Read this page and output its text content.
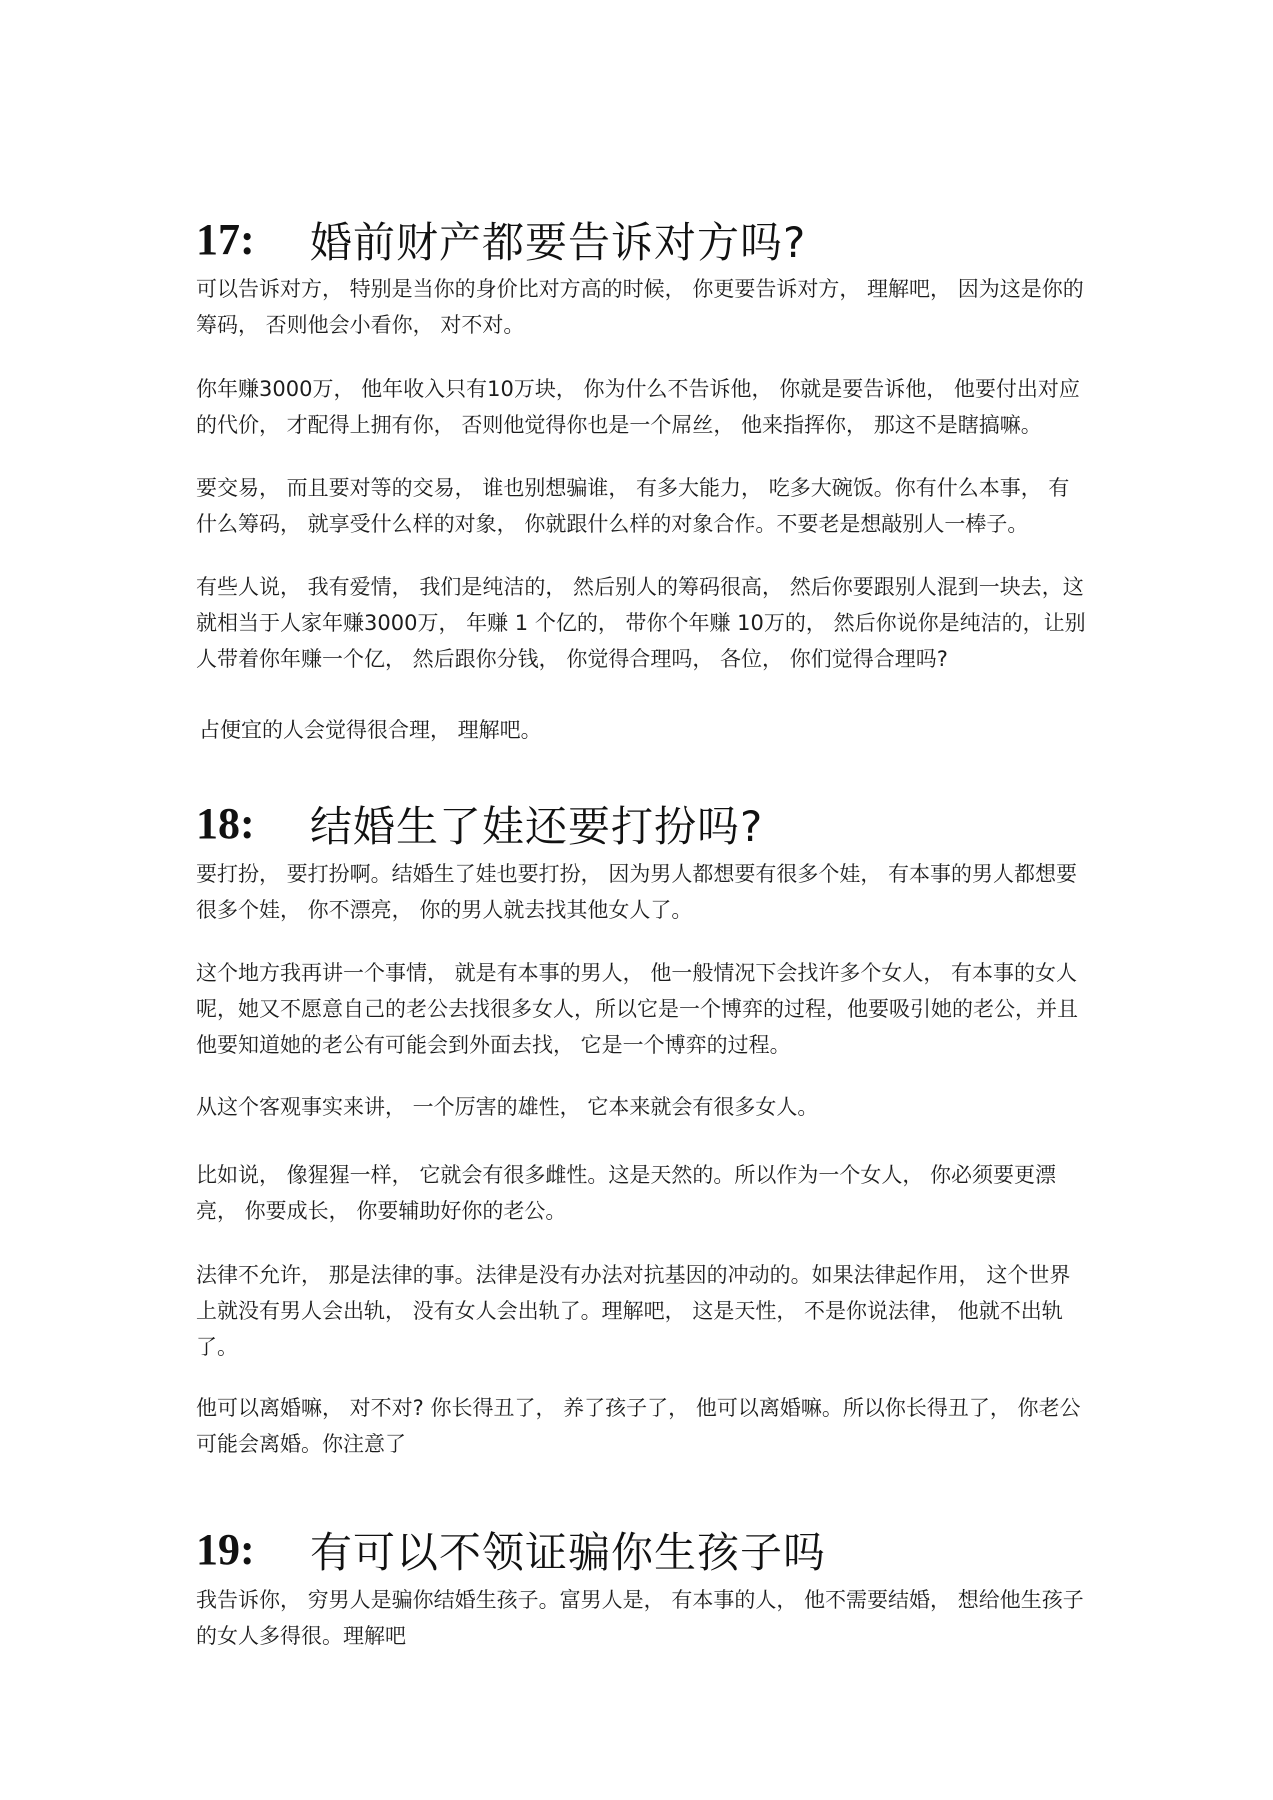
17: 婚前财产都要告诉对方吗?

可以告诉对方， 特别是当你的身价比对方高的时候， 你更要告诉对方， 理解吧， 因为这是你的筹码， 否则他会小看你， 对不对。

你年赚3000万， 他年收入只有10万块， 你为什么不告诉他， 你就是要告诉他， 他要付出对应的代价， 才配得上拥有你， 否则他觉得你也是一个屌丝， 他来指挥你， 那这不是瞎搞嘛。

要交易， 而且要对等的交易， 谁也别想骗谁， 有多大能力， 吃多大碗饭。你有什么本事， 有什么筹码， 就享受什么样的对象， 你就跟什么样的对象合作。不要老是想敲别人一棒子。

有些人说， 我有爱情， 我们是纯洁的， 然后别人的筹码很高， 然后你要跟别人混到一块去，这就相当于人家年赚3000万， 年赚 1 个亿的， 带你个年赚 10万的， 然后你说你是纯洁的，让别人带着你年赚一个亿， 然后跟你分钱， 你觉得合理吗， 各位， 你们觉得合理吗?

占便宜的人会觉得很合理， 理解吧。

18: 结婚生了娃还要打扮吗?

要打扮， 要打扮啊。结婚生了娃也要打扮， 因为男人都想要有很多个娃， 有本事的男人都想要很多个娃， 你不漂亮， 你的男人就去找其他女人了。

这个地方我再讲一个事情， 就是有本事的男人， 他一般情况下会找许多个女人， 有本事的女人呢，她又不愿意自己的老公去找很多女人，所以它是一个博弈的过程，他要吸引她的老公，并且他要知道她的老公有可能会到外面去找， 它是一个博弈的过程。

从这个客观事实来讲， 一个厉害的雄性， 它本来就会有很多女人。

比如说， 像猩猩一样， 它就会有很多雌性。这是天然的。所以作为一个女人， 你必须要更漂亮， 你要成长， 你要辅助好你的老公。

法律不允许， 那是法律的事。法律是没有办法对抗基因的冲动的。如果法律起作用， 这个世界上就没有男人会出轨， 没有女人会出轨了。理解吧， 这是天性， 不是你说法律， 他就不出轨了。

他可以离婚嘛， 对不对? 你长得丑了， 养了孩子了， 他可以离婚嘛。所以你长得丑了， 你老公可能会离婚。你注意了

19: 有可以不领证骗你生孩子吗

我告诉你， 穷男人是骗你结婚生孩子。富男人是， 有本事的人， 他不需要结婚， 想给他生孩子的女人多得很。理解吧
